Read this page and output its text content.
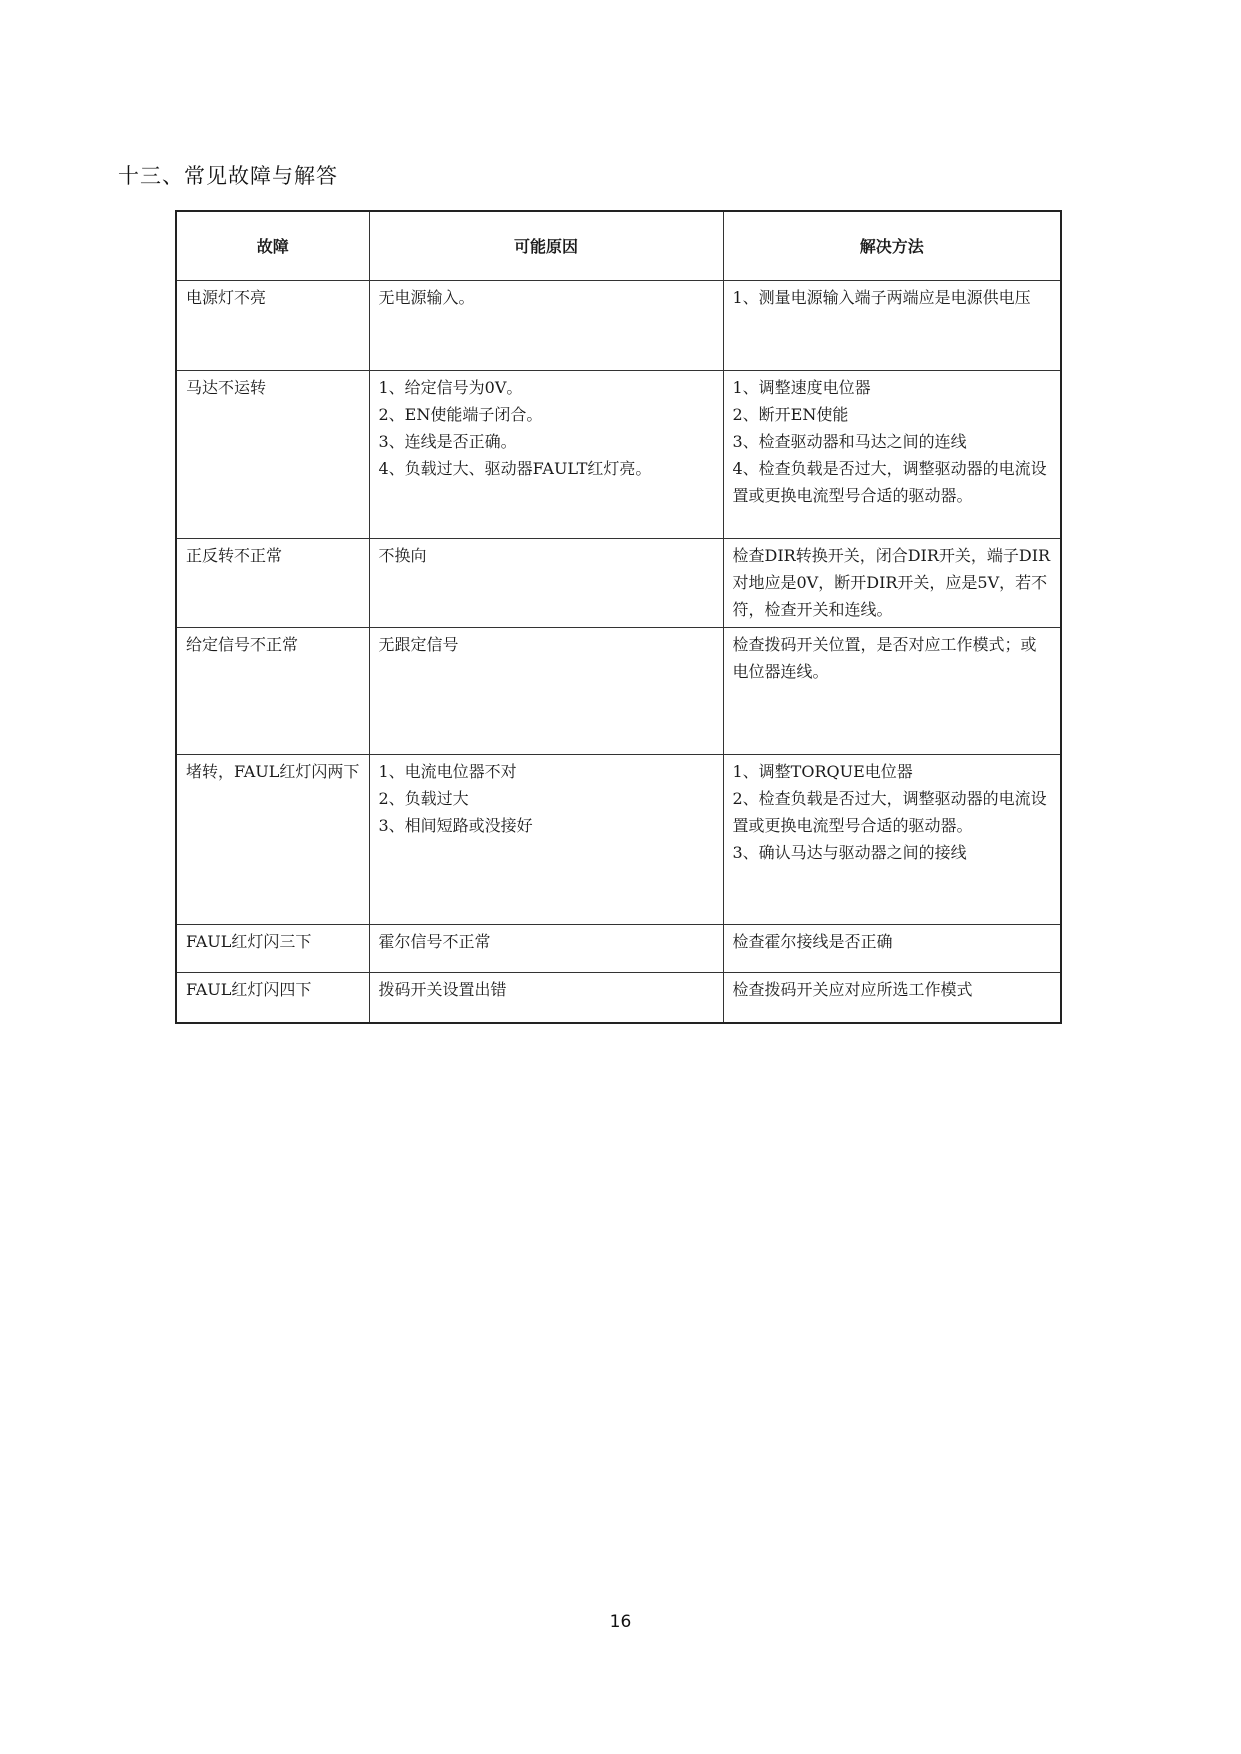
十三、常见故障与解答
故障	可能原因	解决方法

电源灯不亮	无电源输入。	1、测量电源输入端子两端应是电源供电压

马达不运转	1、给定信号为0V。
2、EN使能端子闭合。
3、连线是否正确。
4、负载过大、驱动器FAULT红灯亮。	1、调整速度电位器
2、断开EN使能
3、检查驱动器和马达之间的连线
4、检查负载是否过大，调整驱动器的电流设置或更换电流型号合适的驱动器。

正反转不正常	不换向	检查DIR转换开关，闭合DIR开关，端子DIR对地应是0V，断开DIR开关，应是5V，若不符，检查开关和连线。

给定信号不正常	无跟定信号	检查拨码开关位置，是否对应工作模式；或电位器连线。

堵转，FAUL红灯闪两下	1、电流电位器不对
2、负载过大
3、相间短路或没接好	1、调整TORQUE电位器
2、检查负载是否过大，调整驱动器的电流设置或更换电流型号合适的驱动器。
3、确认马达与驱动器之间的接线

FAUL红灯闪三下	霍尔信号不正常	检查霍尔接线是否正确

FAUL红灯闪四下	拨码开关设置出错	检查拨码开关应对应所选工作模式
16
